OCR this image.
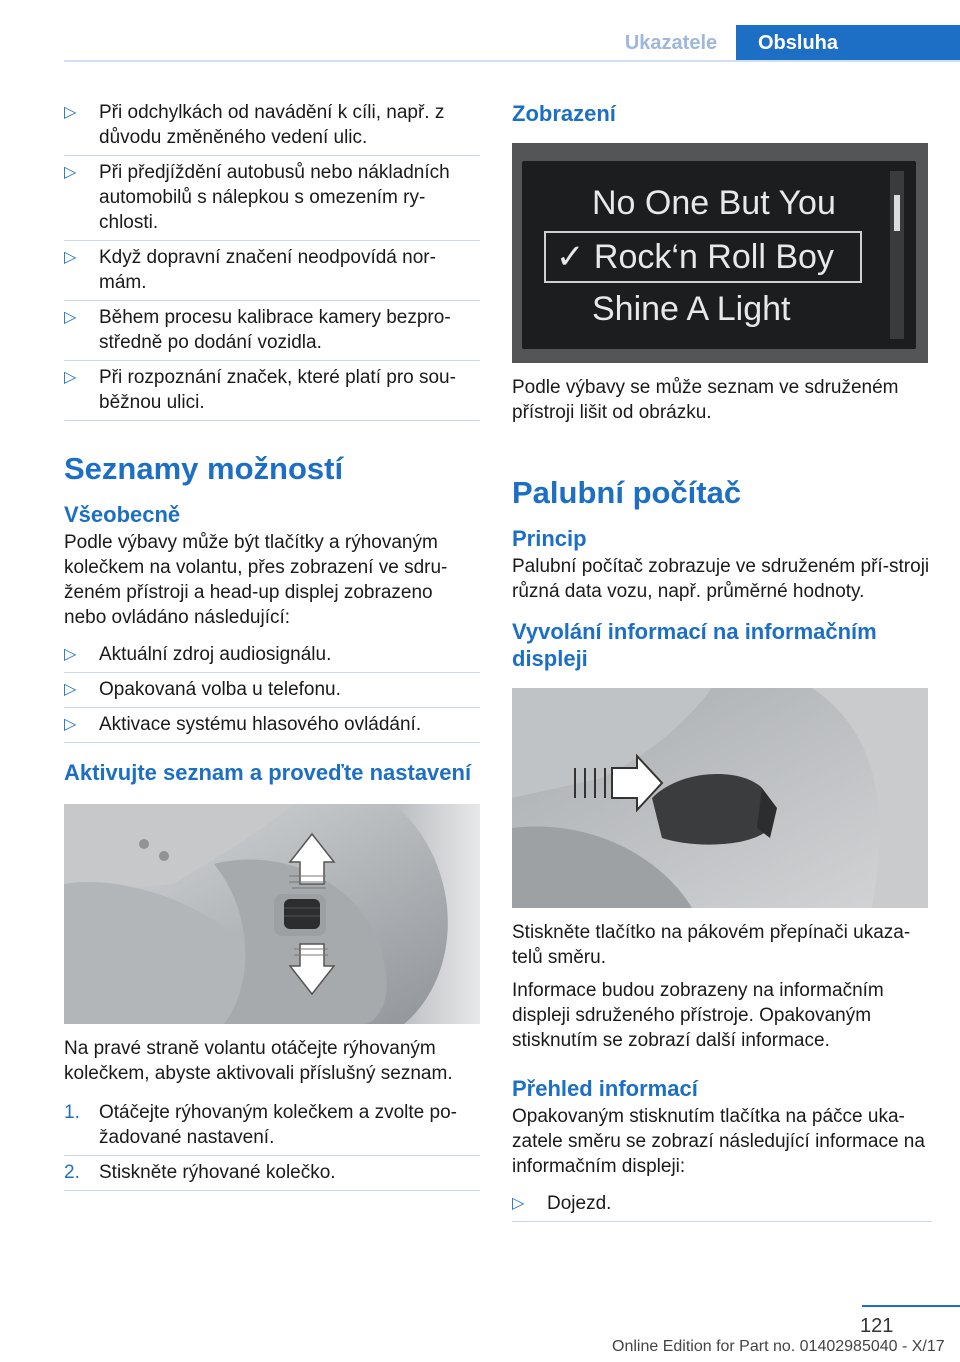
Ukazatele	Obsluha
▷ Při odchylkách od navádění k cíli, např. z důvodu změněného vedení ulic.
▷ Při předjíždění autobusů nebo nákladních automobilů s nálepkou s omezením ry-chlosti.
▷ Když dopravní značení neodpovídá nor-mám.
▷ Během procesu kalibrace kamery bezpro-středně po dodání vozidla.
▷ Při rozpoznání značek, které platí pro sou-běžnou ulici.
Seznamy možností
Všeobecně

Podle výbavy může být tlačítky a rýhovaným kolečkem na volantu, přes zobrazení ve sdru-ženém přístroji a head-up displej zobrazeno nebo ovládáno následující:

▷ Aktuální zdroj audiosignálu.
▷ Opakovaná volba u telefonu.
▷ Aktivace systému hlasového ovládání.
Aktivujte seznam a proveďte nastavení

Na pravé straně volantu otáčejte rýhovaným kolečkem, abyste aktivovali příslušný seznam.

1. Otáčejte rýhovaným kolečkem a zvolte po-žadované nastavení.
2. Stiskněte rýhované kolečko.
Zobrazení
No One But You
✓ Rock‘n Roll Boy
Shine A Light

Podle výbavy se může seznam ve sdruženém přístroji lišit od obrázku.

Palubní počítač
Princip

Palubní počítač zobrazuje ve sdruženém pří-stroji různá data vozu, např. průměrné hodnoty.

Vyvolání informací na informačním displeji

Stiskněte tlačítko na pákovém přepínači ukaza-telů směru.

Informace budou zobrazeny na informačním displeji sdruženého přístroje. Opakovaným stisknutím se zobrazí další informace.

Přehled informací

Opakovaným stisknutím tlačítka na páčce uka-zatele směru se zobrazí následující informace na informačním displeji:

▷ Dojezd.
121
Online Edition for Part no. 01402985040 - X/17
